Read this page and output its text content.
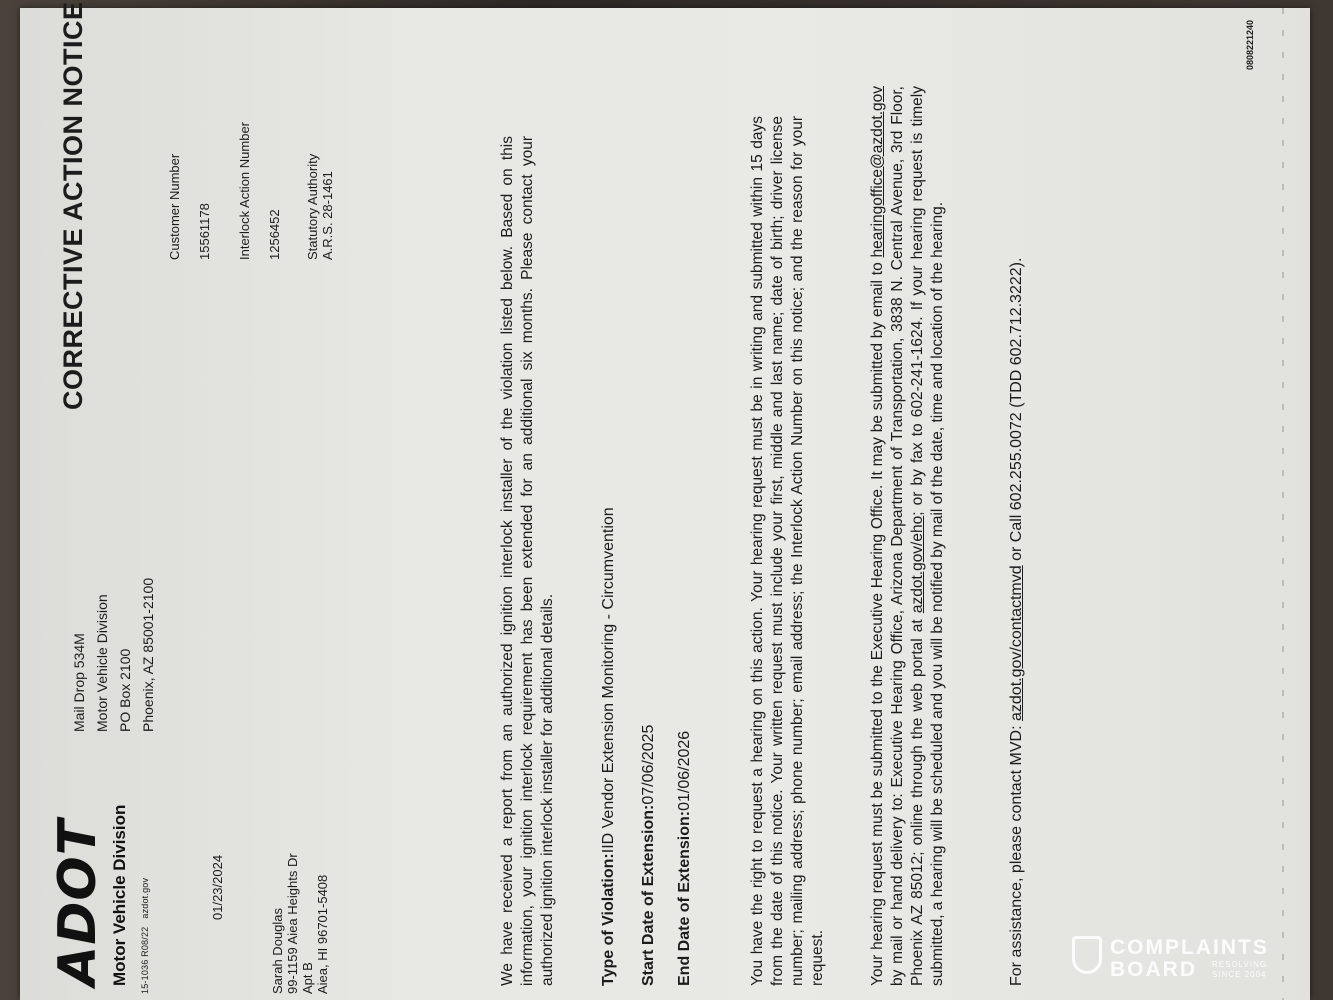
ADOT Motor Vehicle Division 15-1036 R08/22azdot.gov
Mail Drop 534M Motor Vehicle Division PO Box 2100 Phoenix, AZ 85001-2100
CORRECTIVE ACTION NOTICE
01/23/2024
Sarah Douglas 99-1159 Aiea Heights Dr Apt B Aiea, HI 96701-5408
Customer Number	15561178	Interlock Action Number	1256452	Statutory Authority A.R.S. 28-1461	We have received a report from an authorized ignition interlock installer of the violation listed below. Based on this information, your ignition interlock requirement has been extended for an additional six months. Please contact your authorized ignition interlock installer for additional details.	Type of Violation:IID Vendor Extension Monitoring - Circumvention
Start Date of Extension:07/06/2025
End Date of Extension:01/06/2026	You have the right to request a hearing on this action. Your hearing request must be in writing and submitted within 15 days from the date of this notice. Your written request must include your first, middle and last name; date of birth; driver license number; mailing address; phone number; email address; the Interlock Action Number on this notice; and the reason for your request.	Your hearing request must be submitted to the Executive Hearing Office. It may be submitted by email to hearingoffice@azdot.gov by mail or hand delivery to: Executive Hearing Office, Arizona Department of Transportation, 3838 N. Central Avenue, 3rd Floor, Phoenix AZ 85012; online through the web portal at azdot.gov/eho; or by fax to 602-241-1624. If your hearing request is timely submitted, a hearing will be scheduled and you will be notified by mail of the date, time and location of the hearing.	For assistance, please contact MVD: azdot.gov/contactmvd or Call 602.255.0072 (TDD 602.712.3222).
0808221240
COMPLAINTS
BOARD RESOLVING
SINCE 2004
